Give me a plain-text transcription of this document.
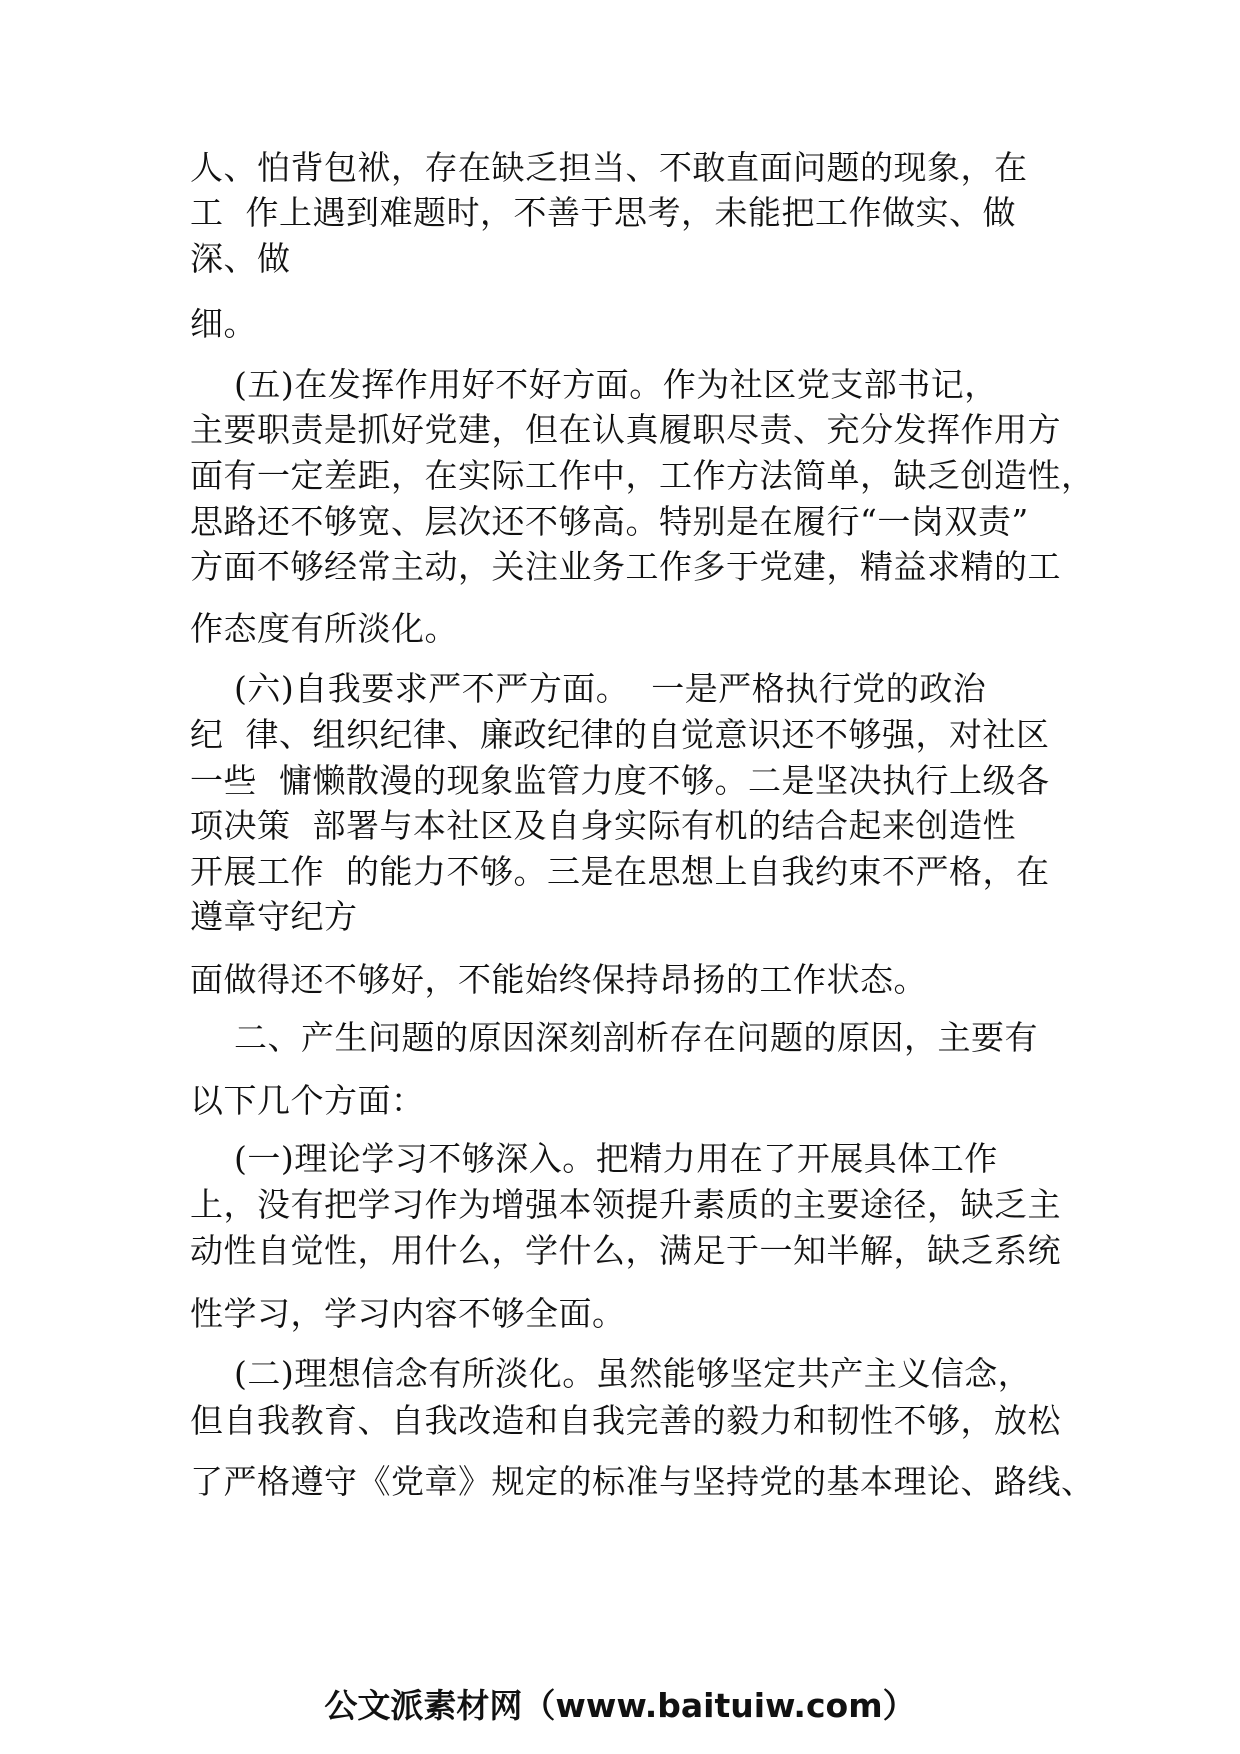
人、怕背包袱，存在缺乏担当、不敢直面问题的现象，在
工  作上遇到难题时，不善于思考，未能把工作做实、做
深、做
细。
(五)在发挥作用好不好方面。作为社区党支部书记，
主要职责是抓好党建，但在认真履职尽责、充分发挥作用方
面有一定差距，在实际工作中，工作方法简单，缺乏创造性，
思路还不够宽、层次还不够高。特别是在履行“一岗双责”
方面不够经常主动，关注业务工作多于党建，精益求精的工
作态度有所淡化。
(六)自我要求严不严方面。  一是严格执行党的政治
纪  律、组织纪律、廉政纪律的自觉意识还不够强，对社区
一些  慵懒散漫的现象监管力度不够。二是坚决执行上级各
项决策  部署与本社区及自身实际有机的结合起来创造性
开展工作  的能力不够。三是在思想上自我约束不严格，在
遵章守纪方
面做得还不够好，不能始终保持昂扬的工作状态。
二、产生问题的原因深刻剖析存在问题的原因，主要有
以下几个方面：
(一)理论学习不够深入。把精力用在了开展具体工作
上，没有把学习作为增强本领提升素质的主要途径，缺乏主
动性自觉性，用什么，学什么，满足于一知半解，缺乏系统
性学习，学习内容不够全面。
(二)理想信念有所淡化。虽然能够坚定共产主义信念，
但自我教育、自我改造和自我完善的毅力和韧性不够，放松
了严格遵守《党章》规定的标准与坚持党的基本理论、路线、
公文派素材网（www.baituiw.com）
